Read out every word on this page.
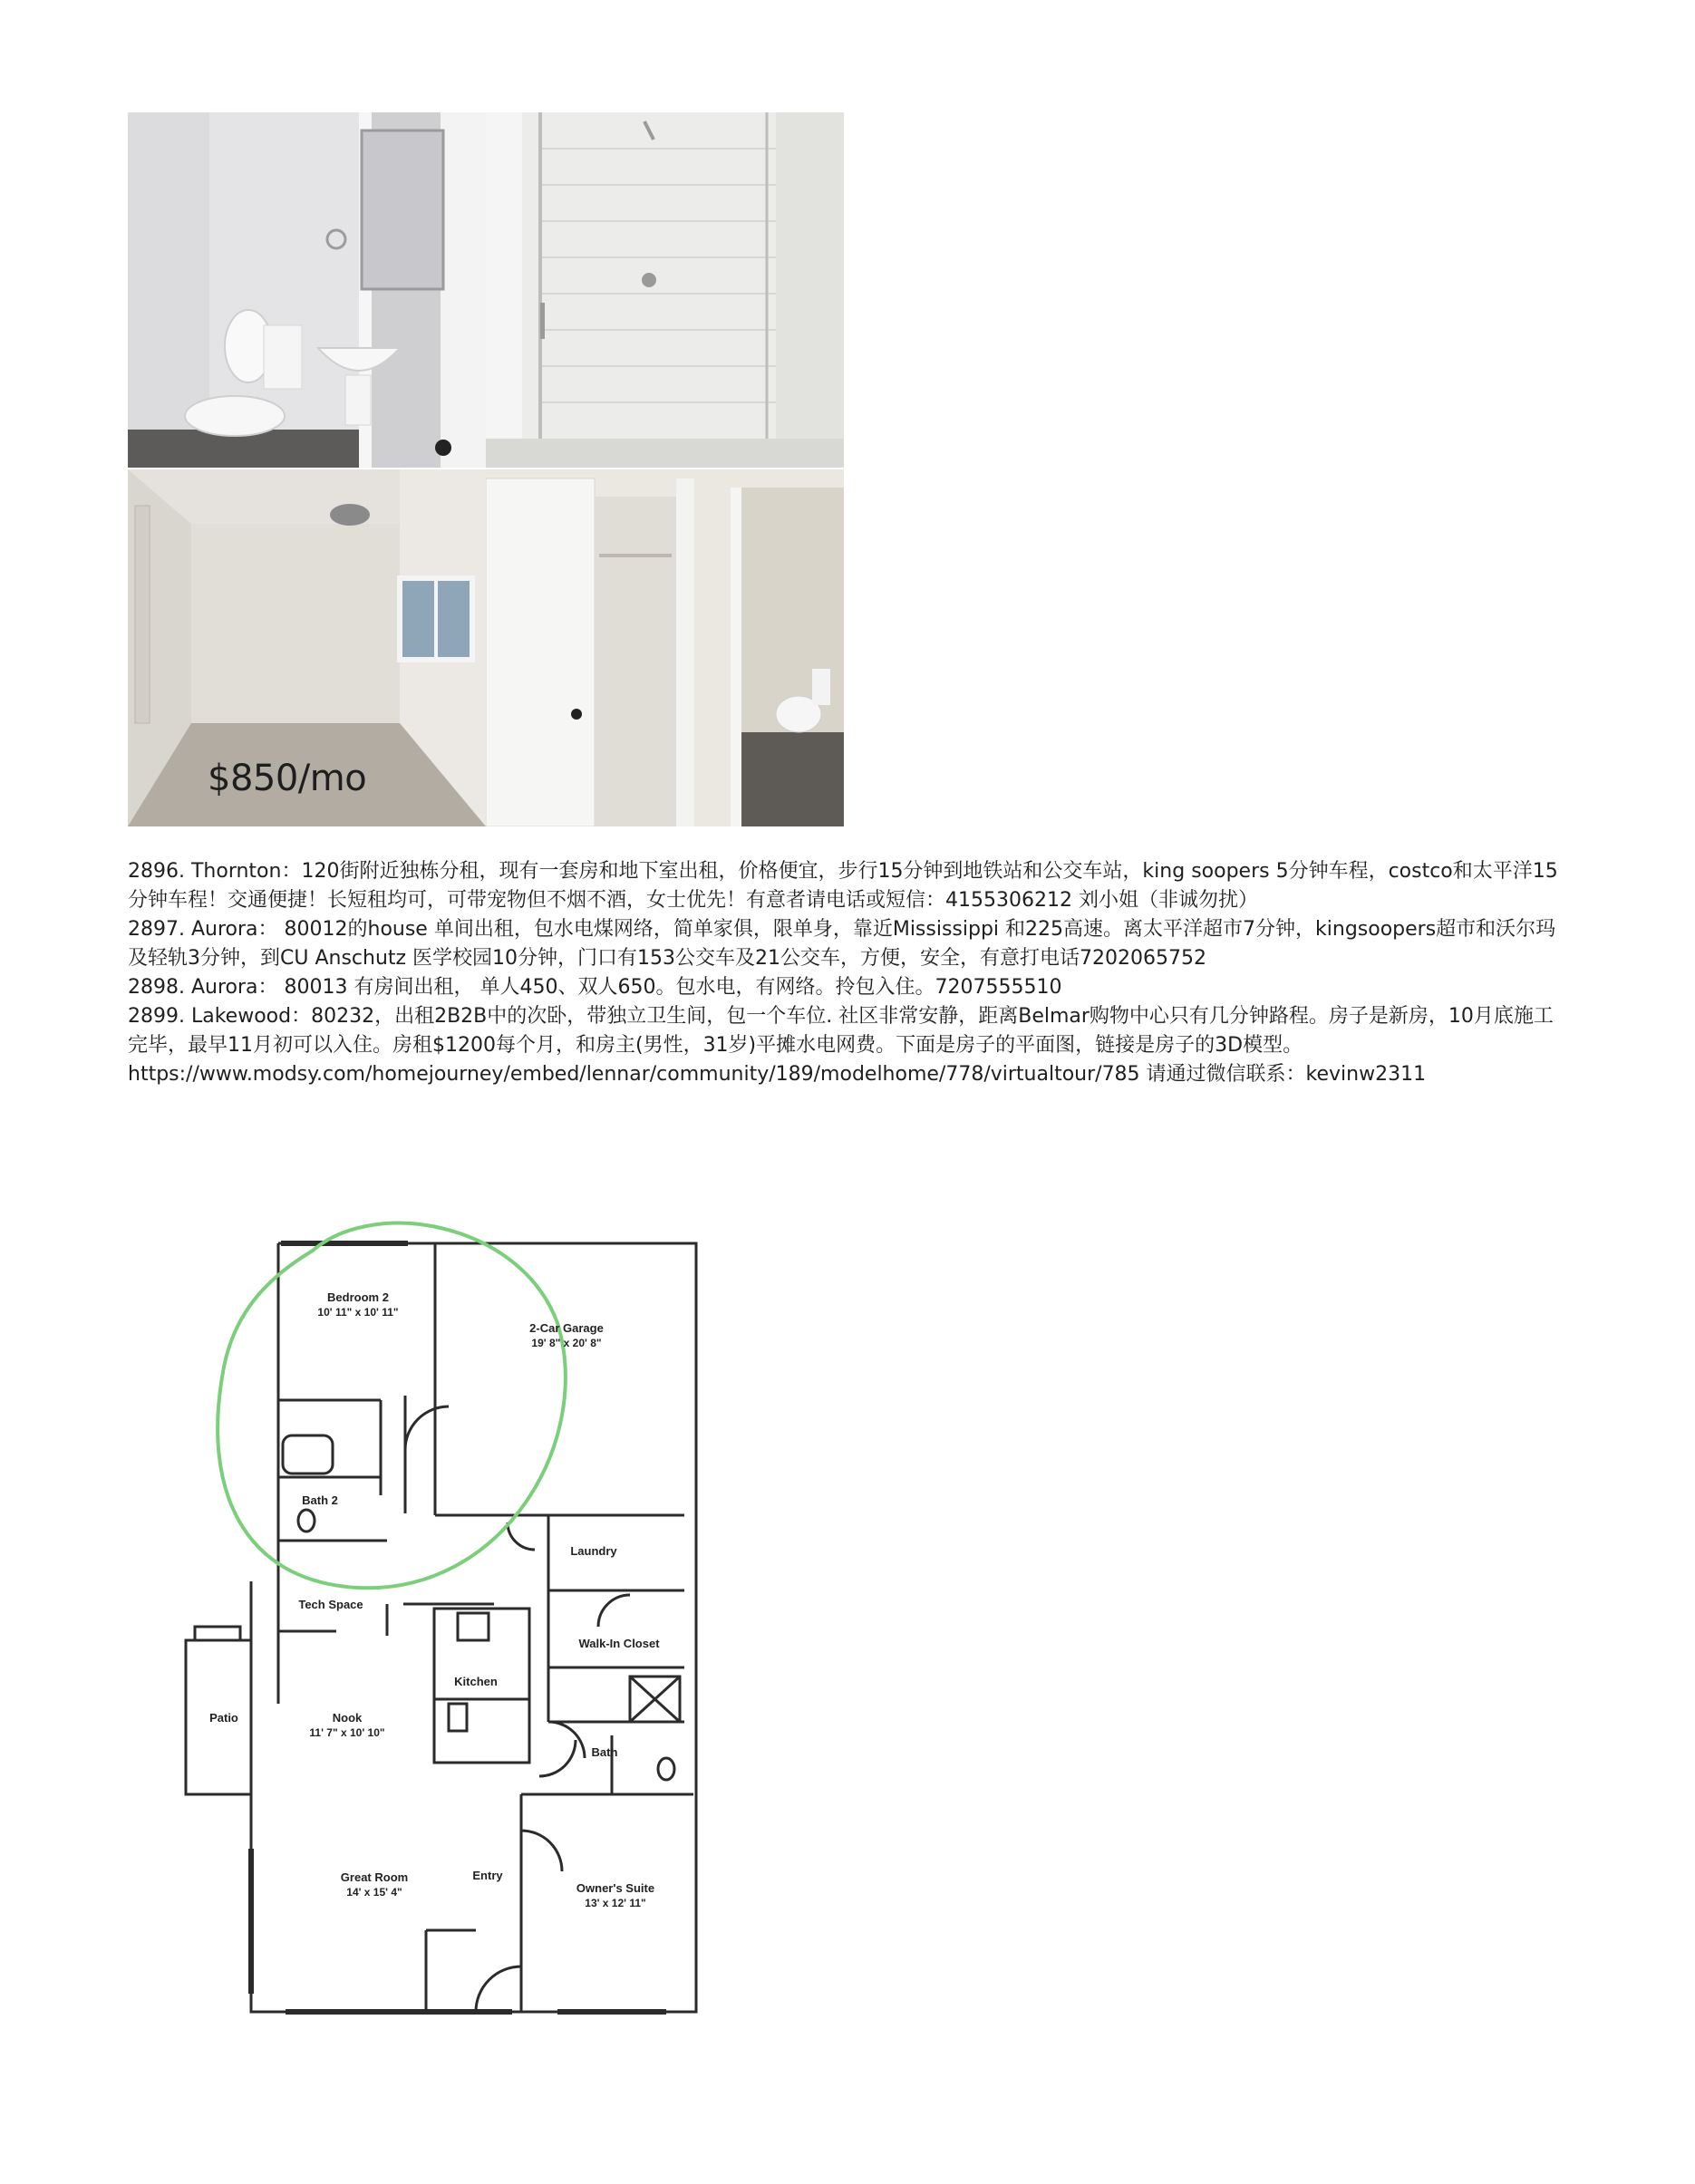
$850/mo

2896. Thornton：120街附近独栋分租，现有一套房和地下室出租，价格便宜，步行15分钟到地铁站和公交车站，king soopers 5分钟车程，costco和太平洋15分钟车程！交通便捷！长短租均可，可带宠物但不烟不酒，女士优先！有意者请电话或短信：4155306212 刘小姐（非诚勿扰）

2897. Aurora： 80012的house 单间出租，包水电煤网络，简单家俱，限单身，靠近Mississippi 和225高速。离太平洋超市7分钟，kingsoopers超市和沃尔玛及轻轨3分钟，到CU Anschutz 医学校园10分钟，门口有153公交车及21公交车，方便，安全，有意打电话7202065752

2898. Aurora： 80013 有房间出租， 单人450、双人650。包水电，有网络。拎包入住。7207555510

2899. Lakewood：80232，出租2B2B中的次卧，带独立卫生间，包一个车位. 社区非常安静，距离Belmar购物中心只有几分钟路程。房子是新房，10月底施工完毕，最早11月初可以入住。房租$1200每个月，和房主(男性，31岁)平摊水电网费。下面是房子的平面图，链接是房子的3D模型。https://www.modsy.com/homejourney/embed/lennar/community/189/modelhome/778/virtualtour/785 请通过微信联系：kevinw2311

Bedroom 2
10' 11" x 10' 11"
2-Car Garage
19' 8" x 20' 8"
Bath 2
Laundry
Tech Space
Walk-In Closet
Kitchen
Patio	Nook
11' 7" x 10' 10"
Bath
Great Room
14' x 15' 4"
Entry
Owner's Suite
13' x 12' 11"
